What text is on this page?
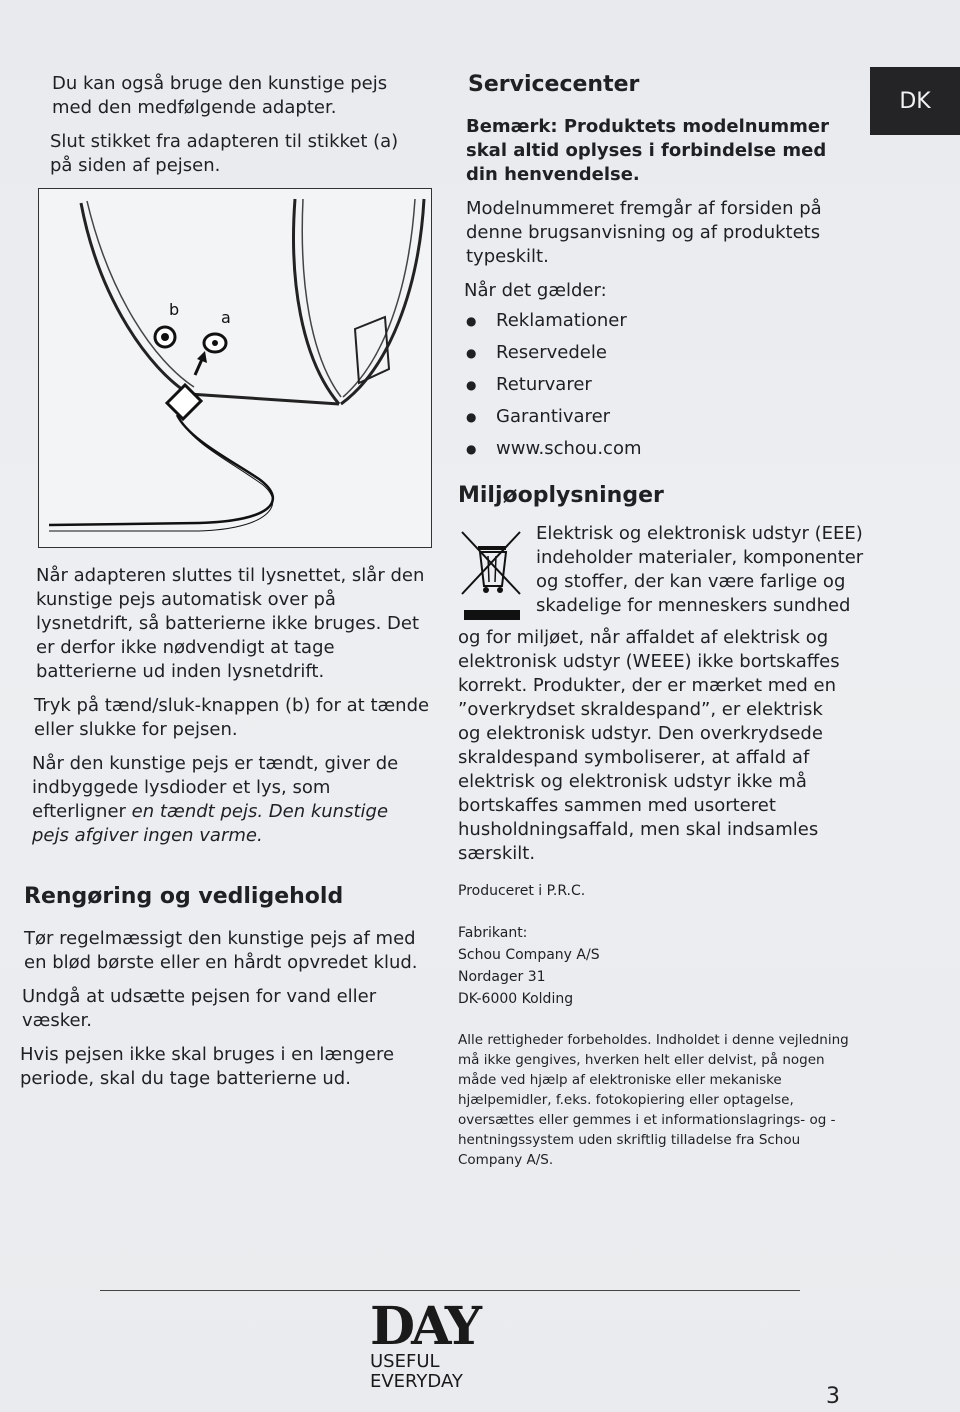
DK

Du kan også bruge den kunstige pejs med den medfølgende adapter.

Slut stikket fra adapteren til stikket (a) på siden af pejsen.

b	a

Når adapteren sluttes til lysnettet, slår den kunstige pejs automatisk over på lysnetdrift, så batterierne ikke bruges. Det er derfor ikke nødvendigt at tage batterierne ud inden lysnetdrift.

Tryk på tænd/sluk-knappen (b) for at tænde eller slukke for pejsen.

Når den kunstige pejs er tændt, giver de indbyggede lysdioder et lys, som efterligner en tændt pejs. Den kunstige pejs afgiver ingen varme.

Rengøring og vedligehold

Tør regelmæssigt den kunstige pejs af med en blød børste eller en hårdt opvredet klud.

Undgå at udsætte pejsen for vand eller væsker.

Hvis pejsen ikke skal bruges i en længere periode, skal du tage batterierne ud.

Servicecenter

Bemærk: Produktets modelnummer skal altid oplyses i forbindelse med din henvendelse.

Modelnummeret fremgår af forsiden på denne brugsanvisning og af produktets typeskilt.

Når det gælder:

●	Reklamationer
●	Reservedele
●	Returvarer
●	Garantivarer
●	www.schou.com
Miljøoplysninger

Elektrisk og elektronisk udstyr (EEE) indeholder materialer, komponenter og stoffer, der kan være farlige og skadelige for menneskers sundhed

og for miljøet, når affaldet af elektrisk og elektronisk udstyr (WEEE) ikke bortskaffes korrekt. Produkter, der er mærket med en ”overkrydset skraldespand”, er elektrisk og elektronisk udstyr. Den overkrydsede skraldespand symboliserer, at affald af elektrisk og elektronisk udstyr ikke må bortskaffes sammen med usorteret husholdningsaffald, men skal indsamles særskilt.

Produceret i P.R.C.

Fabrikant:

Schou Company A/S

Nordager 31

DK-6000 Kolding

Alle rettigheder forbeholdes. Indholdet i denne vejledning må ikke gengives, hverken helt eller delvist, på nogen måde ved hjælp af elektroniske eller mekaniske hjælpemidler, f.eks. fotokopiering eller optagelse, oversættes eller gemmes i et informationslagrings- og -hentningssystem uden skriftlig tilladelse fra Schou Company A/S.

DAY
USEFUL
EVERYDAY
3
